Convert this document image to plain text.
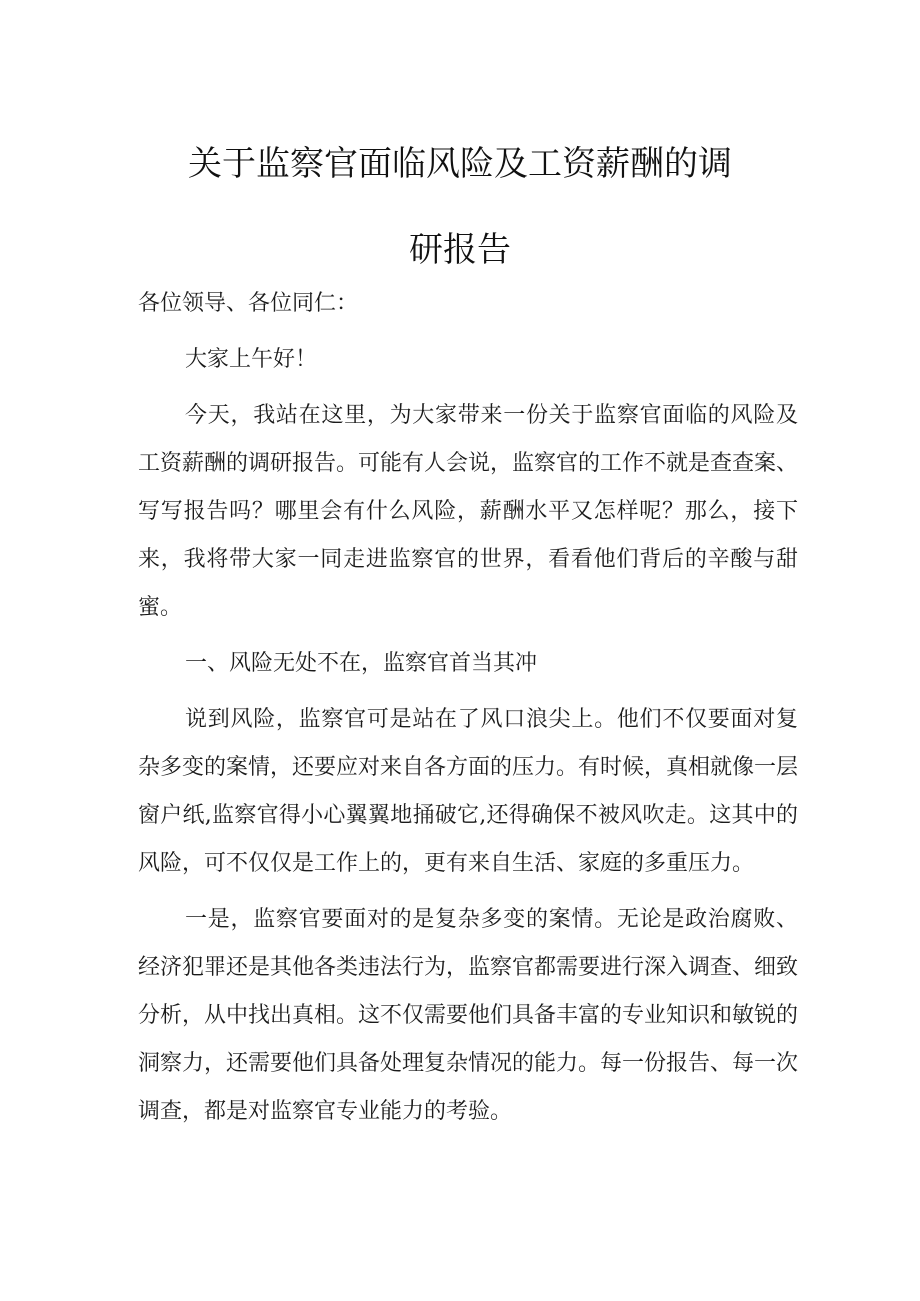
关于监察官面临风险及工资薪酬的调
研报告

各位领导、各位同仁：

大家上午好！

今天，我站在这里，为大家带来一份关于监察官面临的风险及工资薪酬的调研报告。可能有人会说，监察官的工作不就是查查案、写写报告吗？哪里会有什么风险，薪酬水平又怎样呢？那么，接下来，我将带大家一同走进监察官的世界，看看他们背后的辛酸与甜蜜。

一、风险无处不在，监察官首当其冲

说到风险，监察官可是站在了风口浪尖上。他们不仅要面对复杂多变的案情，还要应对来自各方面的压力。有时候，真相就像一层窗户纸,监察官得小心翼翼地捅破它,还得确保不被风吹走。这其中的风险，可不仅仅是工作上的，更有来自生活、家庭的多重压力。

一是，监察官要面对的是复杂多变的案情。无论是政治腐败、经济犯罪还是其他各类违法行为，监察官都需要进行深入调查、细致分析，从中找出真相。这不仅需要他们具备丰富的专业知识和敏锐的洞察力，还需要他们具备处理复杂情况的能力。每一份报告、每一次调查，都是对监察官专业能力的考验。
